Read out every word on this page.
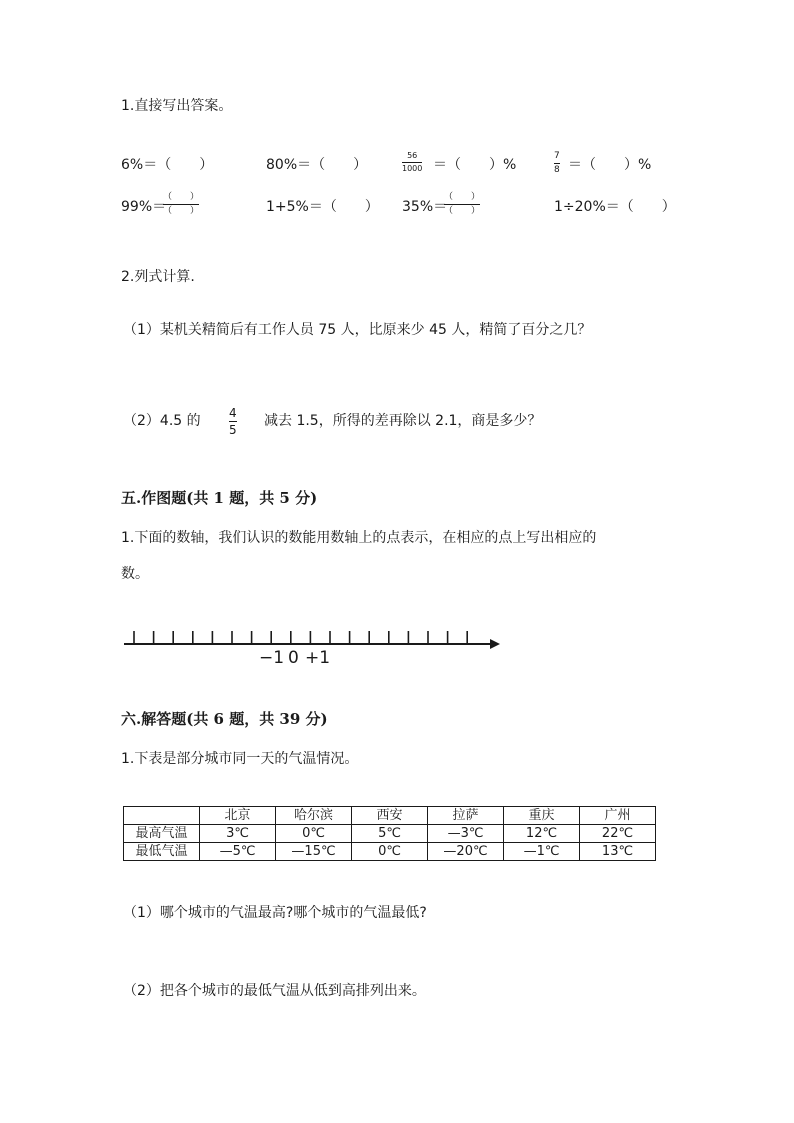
1.直接写出答案。
6%＝（　　）	80%＝（　　）
56
1000 ＝（　　）%
7
8 ＝（　　）%
99%＝
（　　）
（　　）	1+5%＝（　　） 35%＝
（　　）
（　　）	1÷20%＝（　　）
2.列式计算.
（1）某机关精简后有工作人员 75 人，比原来少 45 人，精简了百分之几？
（2）4.5 的 4
5
减去 1.5，所得的差再除以 2.1，商是多少？
五.作图题(共 1 题，共 5 分)
1.下面的数轴，我们认识的数能用数轴上的点表示，在相应的点上写出相应的
数。
−1 0 +1
六.解答题(共 6 题，共 39 分)
1.下表是部分城市同一天的气温情况。
	北京	哈尔滨	西安	拉萨	重庆	广州
最高气温	3℃	0℃	5℃	—3℃	12℃	22℃
最低气温	—5℃	—15℃	0℃	—20℃	—1℃	13℃
（1）哪个城市的气温最高?哪个城市的气温最低?
（2）把各个城市的最低气温从低到高排列出来。
